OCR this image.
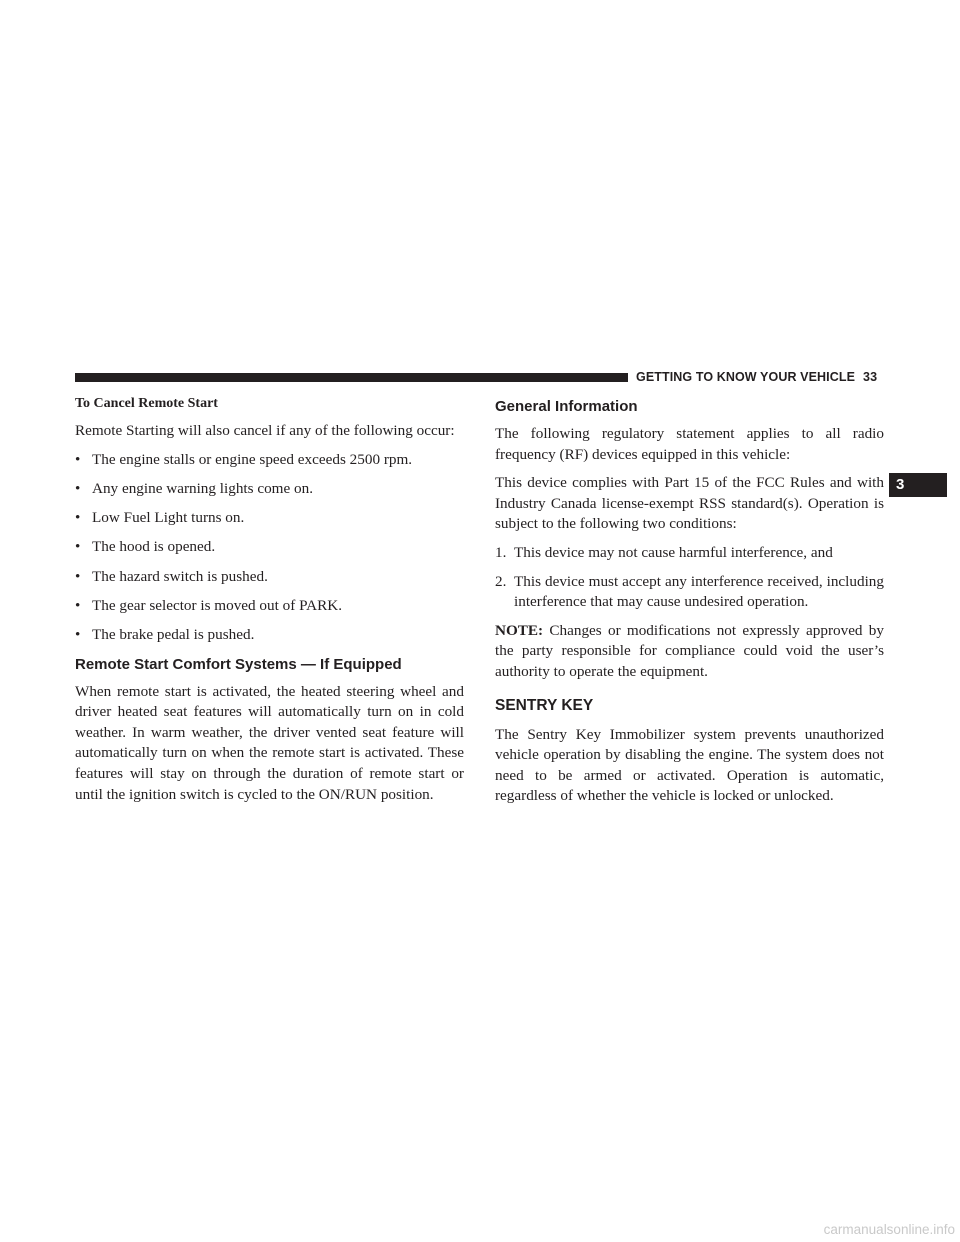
GETTING TO KNOW YOUR VEHICLE 33
To Cancel Remote Start

Remote Starting will also cancel if any of the following occur:

• The engine stalls or engine speed exceeds 2500 rpm.
• Any engine warning lights come on.
• Low Fuel Light turns on.
• The hood is opened.
• The hazard switch is pushed.
• The gear selector is moved out of PARK.
• The brake pedal is pushed.
Remote Start Comfort Systems — If Equipped

When remote start is activated, the heated steering wheel and driver heated seat features will automatically turn on in cold weather. In warm weather, the driver vented seat feature will automatically turn on when the remote start is activated. These features will stay on through the duration of remote start or until the ignition switch is cycled to the ON/RUN position.

General Information

The following regulatory statement applies to all radio frequency (RF) devices equipped in this vehicle:

This device complies with Part 15 of the FCC Rules and with Industry Canada license-exempt RSS standard(s). Operation is subject to the following two conditions:

1. This device may not cause harmful interference, and
2. This device must accept any interference received, including interference that may cause undesired operation.

NOTE: Changes or modifications not expressly approved by the party responsible for compliance could void the user’s authority to operate the equipment.

SENTRY KEY

The Sentry Key Immobilizer system prevents unauthorized vehicle operation by disabling the engine. The system does not need to be armed or activated. Operation is automatic, regardless of whether the vehicle is locked or unlocked.

3
carmanualsonline.info
